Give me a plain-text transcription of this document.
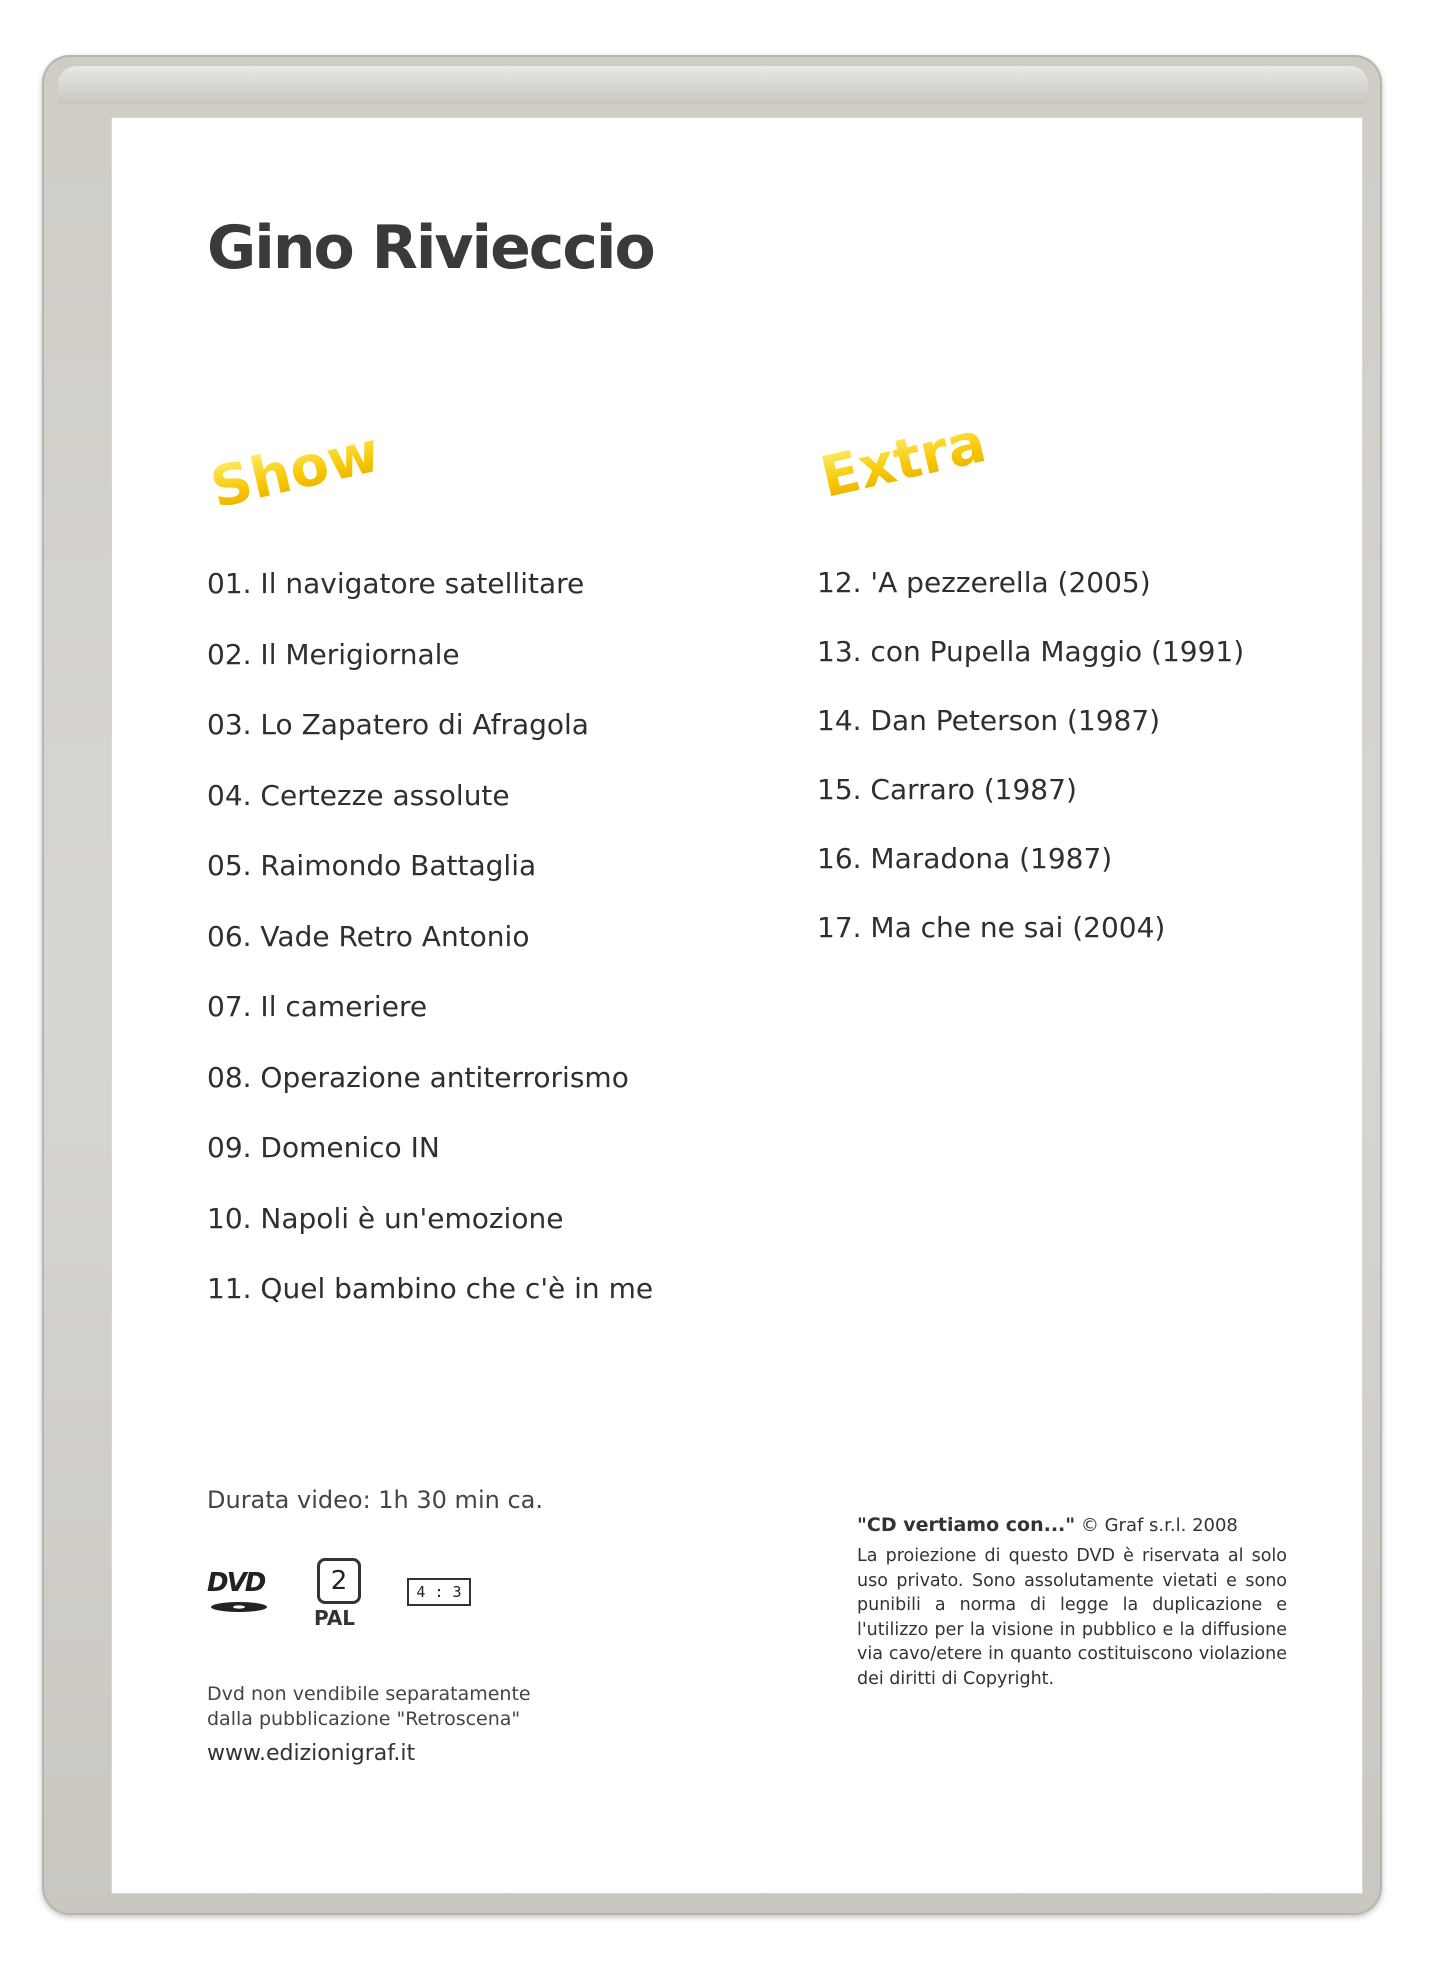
Gino Rivieccio
Show	Extra
01. Il navigatore satellitare
02. Il Merigiornale
03. Lo Zapatero di Afragola
04. Certezze assolute
05. Raimondo Battaglia
06. Vade Retro Antonio
07. Il cameriere
08. Operazione antiterrorismo
09. Domenico IN
10. Napoli è un'emozione
11. Quel bambino che c'è in me
12. 'A pezzerella (2005)
13. con Pupella Maggio (1991)
14. Dan Peterson (1987)
15. Carraro (1987)
16. Maradona (1987)
17. Ma che ne sai (2004)
Durata video: 1h 30 min ca.
DVD	2
PAL
4 : 3
Dvd non vendibile separatamente
dalla pubblicazione "Retroscena"
www.edizionigraf.it
"CD vertiamo con..." © Graf s.r.l. 2008
La proiezione di questo DVD è riservata al solo uso privato. Sono assolutamente vietati e sono punibili a norma di legge la duplicazione e l'utilizzo per la visione in pubblico e la diffusione via cavo/etere in quanto costituiscono violazione dei diritti di Copyright.
